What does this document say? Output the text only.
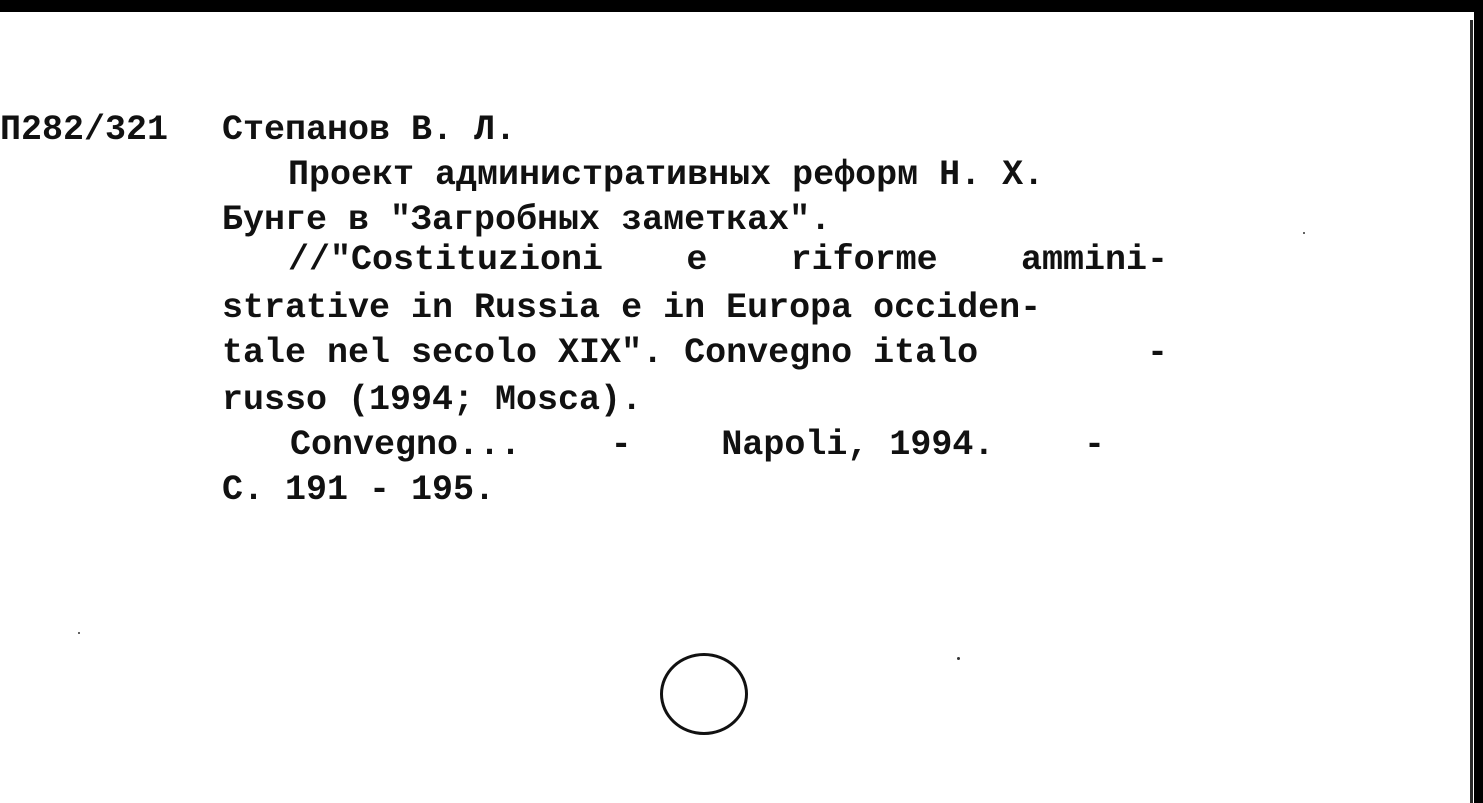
П282/321 Степанов В. Л.

Проект административных реформ Н. Х.

Бунге в "Загробных заметках".

//"Costituzioni e riforme ammini-

strative in Russia e in Europa occiden-

tale nel secolo XIX". Convegno italo	-

russo (1994; Mosca).

Convegno...	-	Napoli, 1994.	-

С. 191 - 195.
